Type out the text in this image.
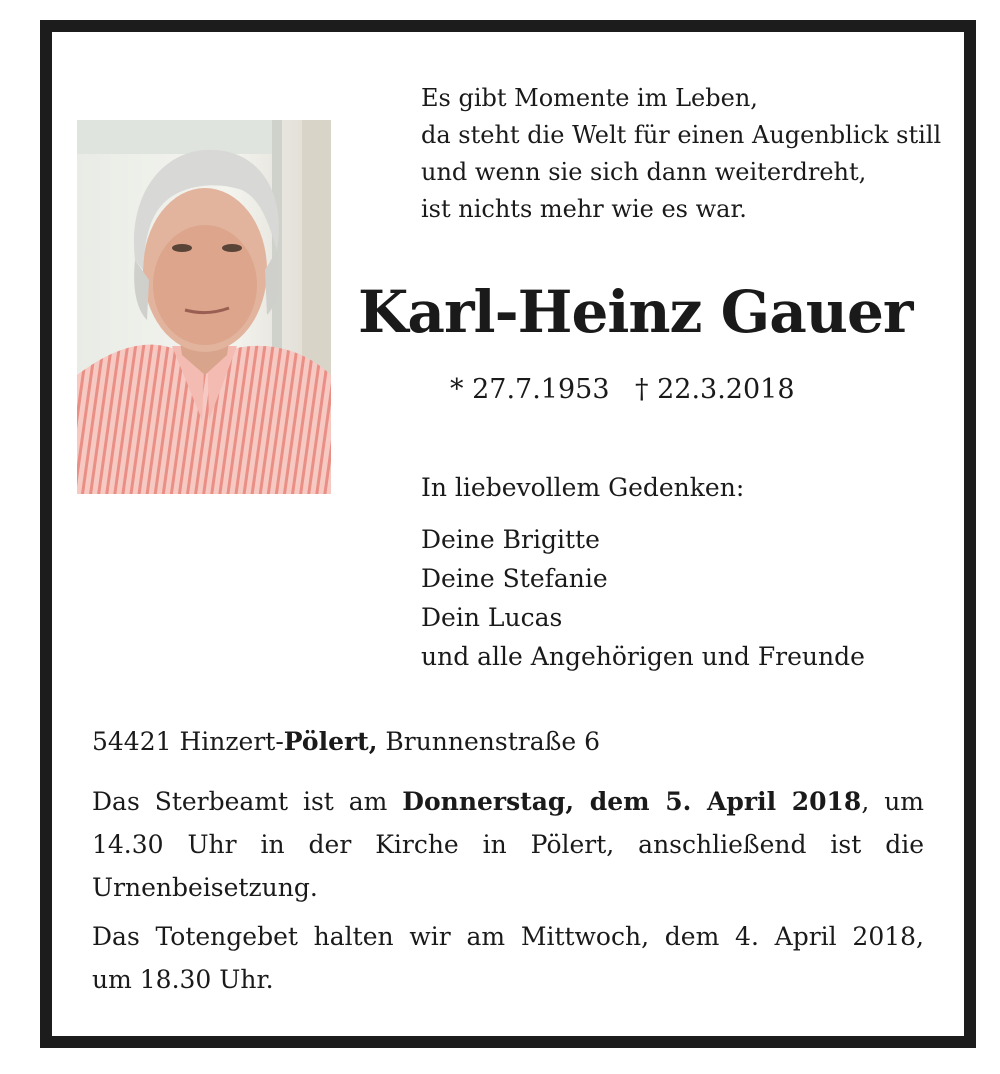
Es gibt Momente im Leben,
da steht die Welt für einen Augenblick still
und wenn sie sich dann weiterdreht,
ist nichts mehr wie es war.
Karl-Heinz Gauer
* 27.7.1953 † 22.3.2018
In liebevollem Gedenken:
Deine Brigitte
Deine Stefanie
Dein Lucas
und alle Angehörigen und Freunde
54421 Hinzert-Pölert, Brunnenstraße 6
Das Sterbeamt ist am Donnerstag, dem 5. April 2018, um
14.30 Uhr in der Kirche in Pölert, anschließend ist die
Urnenbeisetzung.
Das Totengebet halten wir am Mittwoch, dem 4. April 2018,
um 18.30 Uhr.
